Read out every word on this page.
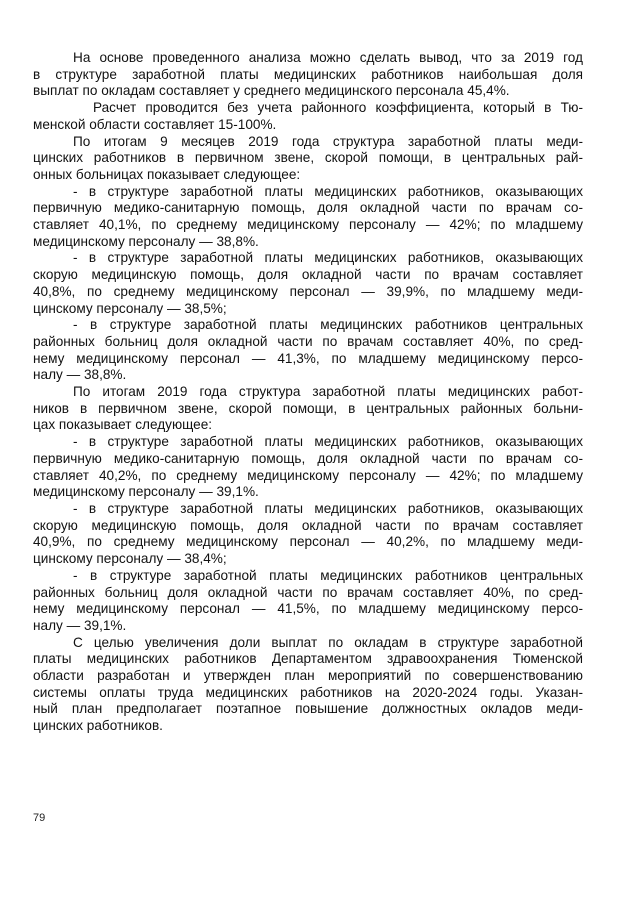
На основе проведенного анализа можно сделать вывод, что за 2019 год
в структуре заработной платы медицинских работников наибольшая доля
выплат по окладам составляет у среднего медицинского персонала 45,4%.
Расчет проводится без учета районного коэффициента, который в Тю-
менской области составляет 15-100%.
По итогам 9 месяцев 2019 года структура заработной платы меди-
цинских работников в первичном звене, скорой помощи, в центральных рай-
онных больницах показывает следующее:
- в структуре заработной платы медицинских работников, оказывающих
первичную медико-санитарную помощь, доля окладной части по врачам со-
ставляет 40,1%, по среднему медицинскому персоналу — 42%; по младшему
медицинскому персоналу — 38,8%.
- в структуре заработной платы медицинских работников, оказывающих
скорую медицинскую помощь, доля окладной части по врачам составляет
40,8%, по среднему медицинскому персонал — 39,9%, по младшему меди-
цинскому персоналу — 38,5%;
- в структуре заработной платы медицинских работников центральных
районных больниц доля окладной части по врачам составляет 40%, по сред-
нему медицинскому персонал — 41,3%, по младшему медицинскому персо-
налу — 38,8%.
По итогам 2019 года структура заработной платы медицинских работ-
ников в первичном звене, скорой помощи, в центральных районных больни-
цах показывает следующее:
- в структуре заработной платы медицинских работников, оказывающих
первичную медико-санитарную помощь, доля окладной части по врачам со-
ставляет 40,2%, по среднему медицинскому персоналу — 42%; по младшему
медицинскому персоналу — 39,1%.
- в структуре заработной платы медицинских работников, оказывающих
скорую медицинскую помощь, доля окладной части по врачам составляет
40,9%, по среднему медицинскому персонал — 40,2%, по младшему меди-
цинскому персоналу — 38,4%;
- в структуре заработной платы медицинских работников центральных
районных больниц доля окладной части по врачам составляет 40%, по сред-
нему медицинскому персонал — 41,5%, по младшему медицинскому персо-
налу — 39,1%.
С целью увеличения доли выплат по окладам в структуре заработной
платы медицинских работников Департаментом здравоохранения Тюменской
области разработан и утвержден план мероприятий по совершенствованию
системы оплаты труда медицинских работников на 2020-2024 годы. Указан-
ный план предполагает поэтапное повышение должностных окладов меди-
цинских работников.
79
